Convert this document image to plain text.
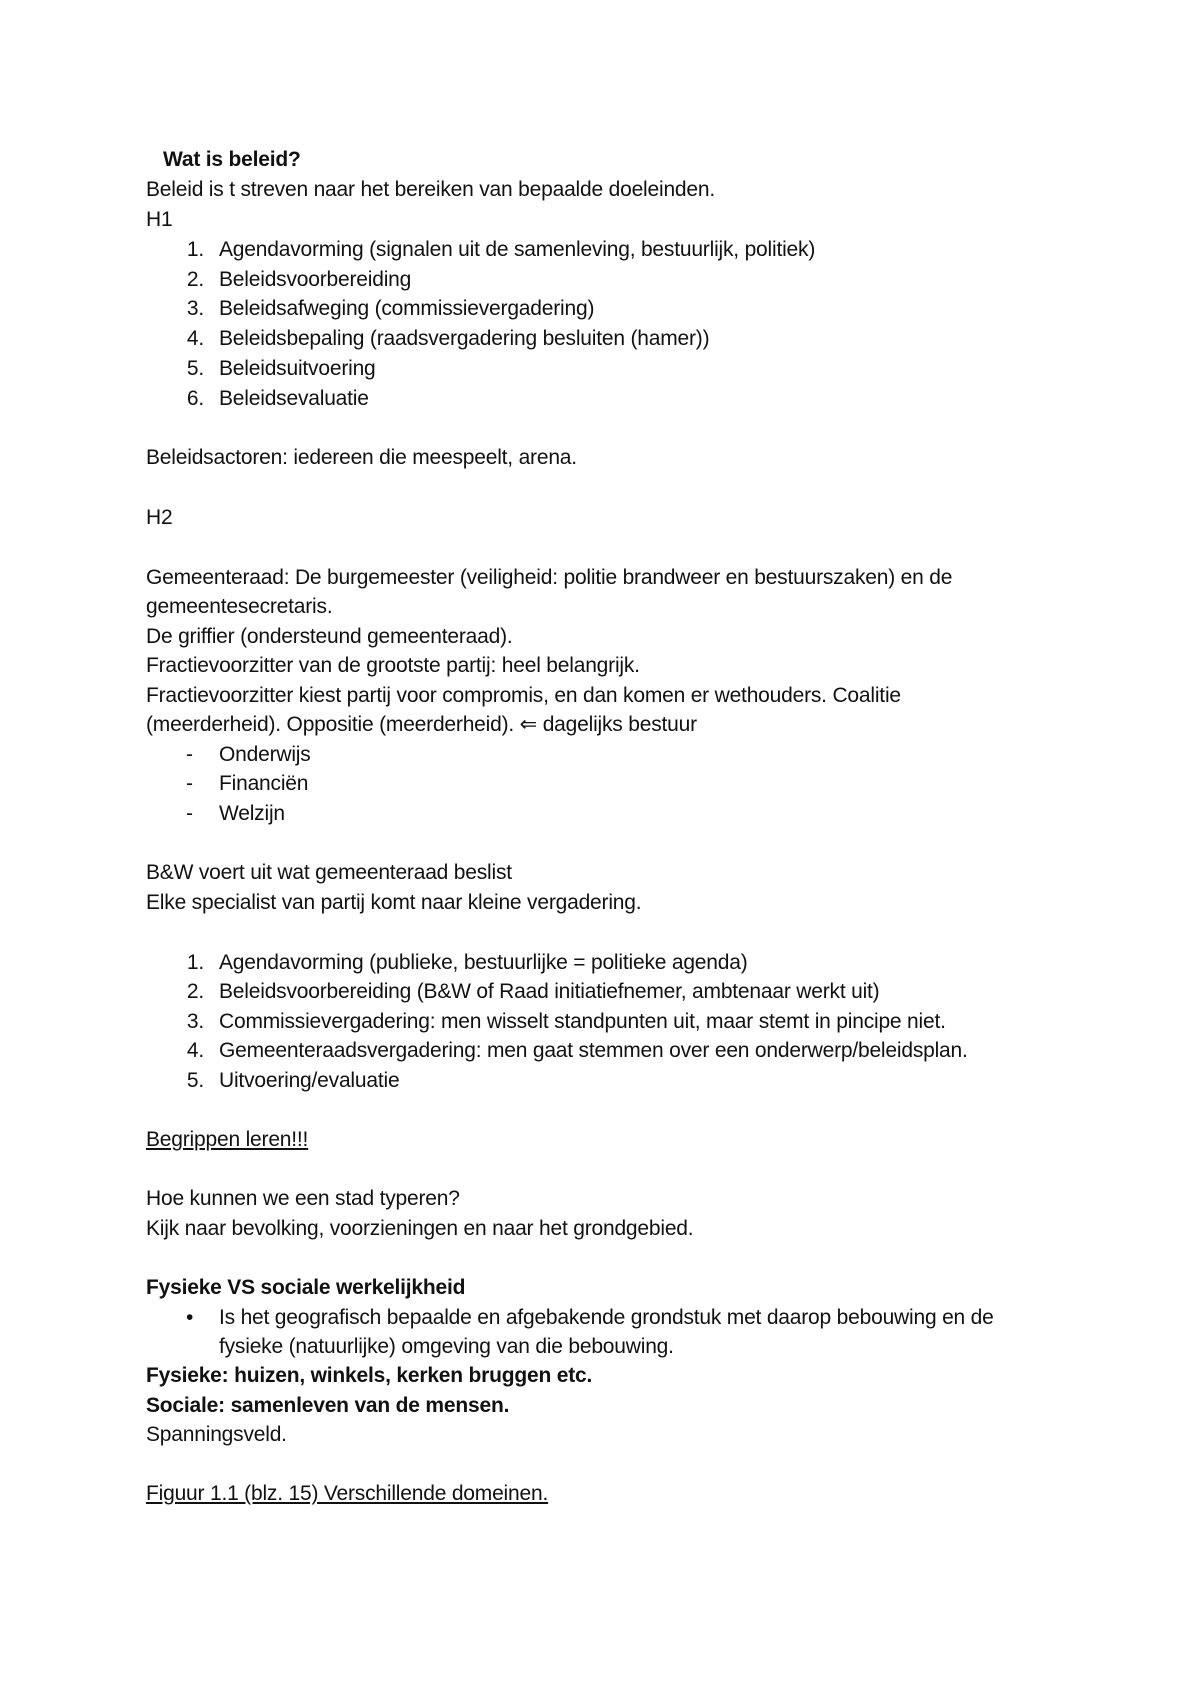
Wat is beleid?
Beleid is t streven naar het bereiken van bepaalde doeleinden.
H1
1. Agendavorming (signalen uit de samenleving, bestuurlijk, politiek)
2. Beleidsvoorbereiding
3. Beleidsafweging (commissievergadering)
4. Beleidsbepaling (raadsvergadering besluiten (hamer))
5. Beleidsuitvoering
6. Beleidsevaluatie
Beleidsactoren: iedereen die meespeelt, arena.
H2
Gemeenteraad: De burgemeester (veiligheid: politie brandweer en bestuurszaken) en de
gemeentesecretaris.
De griffier (ondersteund gemeenteraad).
Fractievoorzitter van de grootste partij: heel belangrijk.
Fractievoorzitter kiest partij voor compromis, en dan komen er wethouders. Coalitie
(meerderheid). Oppositie (meerderheid). ⇐ dagelijks bestuur
- Onderwijs
- Financiën
- Welzijn
B&W voert uit wat gemeenteraad beslist
Elke specialist van partij komt naar kleine vergadering.
1. Agendavorming (publieke, bestuurlijke = politieke agenda)
2. Beleidsvoorbereiding (B&W of Raad initiatiefnemer, ambtenaar werkt uit)
3. Commissievergadering: men wisselt standpunten uit, maar stemt in pincipe niet.
4. Gemeenteraadsvergadering: men gaat stemmen over een onderwerp/beleidsplan.
5. Uitvoering/evaluatie
Begrippen leren!!!
Hoe kunnen we een stad typeren?
Kijk naar bevolking, voorzieningen en naar het grondgebied.
Fysieke VS sociale werkelijkheid
• Is het geografisch bepaalde en afgebakende grondstuk met daarop bebouwing en de
fysieke (natuurlijke) omgeving van die bebouwing.
Fysieke: huizen, winkels, kerken bruggen etc.
Sociale: samenleven van de mensen.
Spanningsveld.
Figuur 1.1 (blz. 15) Verschillende domeinen.
